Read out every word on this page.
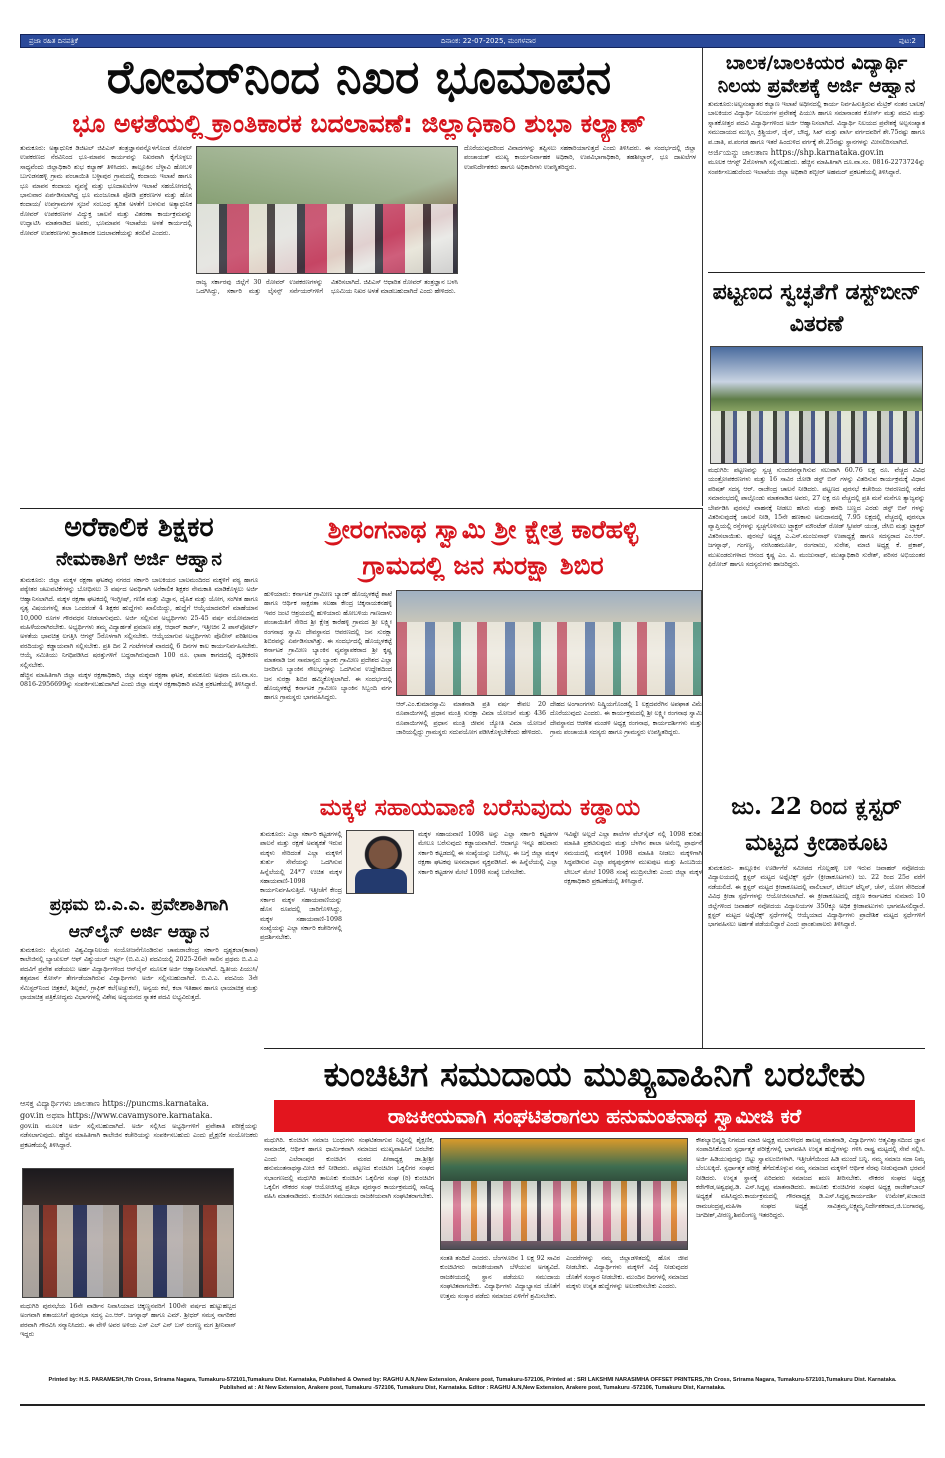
ಪ್ರಜಾ ರಹಿತ ದಿನಪತ್ರಿಕೆ	ದಿನಾಂಕ: 22-07-2025, ಮಂಗಳವಾರ	ಪುಟ:2
ರೋವರ್‌ನಿಂದ ನಿಖರ ಭೂಮಾಪನ
ಭೂ ಅಳತೆಯಲ್ಲಿ ಕ್ರಾಂತಿಕಾರಕ ಬದಲಾವಣೆ: ಜಿಲ್ಲಾಧಿಕಾರಿ ಶುಭಾ ಕಲ್ಯಾಣ್

ತುಮಕೂರು: ಅತ್ಯಾಧುನಿಕ ಡಿಜಿಟಲ್ ಜಿಪಿಎಸ್ ತಂತ್ರಜ್ಞಾನವನ್ನೊಳಗೊಂಡ ರೋವರ್ ಉಪಕರಣದ ನೆರವಿನಿಂದ ಭೂ-ಮಾಪನ ಕಾರ್ಯವನ್ನು ನಿಖರವಾಗಿ ಕೈಗೊಳ್ಳಲು ಸಾಧ್ಯವೆಂದು ಜಿಲ್ಲಾಧಿಕಾರಿ ಶುಭ ಕಲ್ಯಾಣ್ ತಿಳಿಸಿದರು. ತಾಲ್ಲೂಕಿನ ಬೆಳ್ಳಾವಿ ಹೋಬಳಿ ಬುಗುಡನಹಳ್ಳಿ ಗ್ರಾಮ ಪಂಚಾಯಿತಿ ಬಳ್ಳಾಪುರ ಗ್ರಾಮದಲ್ಲಿ ಕಂದಾಯ ಇಲಾಖೆ ಹಾಗೂ ಭೂ ಮಾಪನ ಕಂದಾಯ ವ್ಯವಸ್ಥೆ ಮತ್ತು ಭೂದಾಖಲೆಗಳ ಇಲಾಖೆ ಸಹಯೋಗದಲ್ಲಿ ಭಾನುವಾರ ಏರ್ಪಡಿಸಲಾಗಿದ್ದ ಭೂ ಮಂಜೂರಾತಿ ಪೋಡಿ ಪ್ರಕರಣಗಳ ಮತ್ತು ಹೊಸ ಕಂದಾಯ/ ಉಪಗ್ರಾಮಗಳ ಸೃಜನೆ ಸಂಬಂಧ ತ್ವರಿತ ಅಳತೆಗೆ ಬಳಸುವ ಅತ್ಯಾಧುನಿಕ ರೋವರ್ ಉಪಕರಣಗಳ ವಿದ್ಯುಕ್ತ ಚಾಲನೆ ಮತ್ತು ವಿತರಣಾ ಕಾರ್ಯಕ್ರಮವನ್ನು ಉದ್ಘಾಟಿಸಿ ಮಾತನಾಡಿದ ಅವರು, ಭೂಮಾಪನ ಇಲಾಖೆಯ ಅಳತೆ ಕಾರ್ಯದಲ್ಲಿ ರೋವರ್ ಉಪಕರಣಗಳು ಕ್ರಾಂತಿಕಾರಕ ಬದಲಾವಣೆಯನ್ನು ತರಲಿವೆ ಎಂದರು.

ರಾಜ್ಯ ಸರ್ಕಾರವು ಜಿಲ್ಲೆಗೆ 30 ರೋವರ್ ಉಪಕರಣಗಳನ್ನು ಒದಗಿಸಿದ್ದು, ಸರ್ಕಾರಿ ಮತ್ತು ಲೈಸನ್ಸ್ ಸರ್ವೆಯರ್‌ಗಳಿಗೆ ವಿತರಿಸಲಾಗಿದೆ. ಜಿಪಿಎಸ್ ಆಧಾರಿತ ರೋವರ್ ತಂತ್ರಜ್ಞಾನ ಬಳಸಿ ಭೂಮಿಯ ನಿಖರ ಅಳತೆ ಮಾಡಬಹುದಾಗಿದೆ ಎಂದು ಹೇಳಿದರು.

ದೊರೆಯುವುದರಿಂದ ವಿವಾದಗಳನ್ನು ತಪ್ಪಿಸಲು ಸಹಕಾರಿಯಾಗುತ್ತದೆ ಎಂದು ತಿಳಿಸಿದರು. ಈ ಸಂದರ್ಭದಲ್ಲಿ ಜಿಲ್ಲಾ ಪಂಚಾಯತ್ ಮುಖ್ಯ ಕಾರ್ಯನಿರ್ವಾಹಕ ಅಧಿಕಾರಿ, ಉಪವಿಭಾಗಾಧಿಕಾರಿ, ತಹಶೀಲ್ದಾರ್, ಭೂ ದಾಖಲೆಗಳ ಉಪನಿರ್ದೇಶಕರು ಹಾಗೂ ಅಧಿಕಾರಿಗಳು ಉಪಸ್ಥಿತರಿದ್ದರು.

ಬಾಲಕ/ಬಾಲಕಿಯರ ವಿದ್ಯಾರ್ಥಿ ನಿಲಯ ಪ್ರವೇಶಕ್ಕೆ ಅರ್ಜಿ ಆಹ್ವಾನ

ತುಮಕೂರು:ಅಲ್ಪಸಂಖ್ಯಾತರ ಕಲ್ಯಾಣ ಇಲಾಖೆ ಅಧೀನದಲ್ಲಿ ಕಾರ್ಯ ನಿರ್ವಹಿಸುತ್ತಿರುವ ಮೆಟ್ರಿಕ್ ನಂತರ ಬಾಲಕ/ಬಾಲಕಿಯರ ವಿದ್ಯಾರ್ಥಿ ನಿಲಯಗಳ ಪ್ರವೇಶಕ್ಕೆ ಪಿಯುಸಿ ಹಾಗೂ ಸಮಾನಾಂತರ ಕೋರ್ಸ್ ಮತ್ತು ಪದವಿ ಮತ್ತು ಸ್ನಾತಕೋತ್ತರ ಪದವಿ ವಿದ್ಯಾರ್ಥಿಗಳಿಂದ ಅರ್ಜಿ ಆಹ್ವಾನಿಸಲಾಗಿದೆ. ವಿದ್ಯಾರ್ಥಿ ನಿಲಯದ ಪ್ರವೇಶಕ್ಕೆ ಅಲ್ಪಸಂಖ್ಯಾತ ಸಮುದಾಯದ ಮುಸ್ಲಿಂ, ಕ್ರಿಶ್ಚಿಯನ್, ಜೈನ್, ಬೌದ್ಧ, ಸಿಖ್ ಮತ್ತು ಪಾರ್ಸಿ ವರ್ಗದವರಿಗೆ ಶೇ.75ರಷ್ಟು ಹಾಗೂ ಪ.ಜಾತಿ, ಪ.ಪಂಗಡ ಹಾಗೂ ಇತರೆ ಹಿಂದುಳಿದ ವರ್ಗಕ್ಕೆ ಶೇ.25ರಷ್ಟು ಸ್ಥಾನಗಳನ್ನು ಮೀಸಲಿರಿಸಲಾಗಿದೆ.

ಅರ್ಜಿಯನ್ನು ಜಾಲತಾಣ https://shp.karnataka.gov.in

ಮೂಲಕ ಆಗಸ್ಟ್ 2ರೊಳಗಾಗಿ ಸಲ್ಲಿಸಬಹುದು. ಹೆಚ್ಚಿನ ಮಾಹಿತಿಗಾಗಿ ದೂ.ವಾ.ಸಂ. 0816-2273724ನ್ನು ಸಂಪರ್ಕಿಸಬಹುದೆಂದು ಇಲಾಖೆಯ ಜಿಲ್ಲಾ ಅಧಿಕಾರಿ ಶಬ್ಬೀರ್ ಅಹಮದ್ ಪ್ರಕಟಣೆಯಲ್ಲಿ ತಿಳಿಸಿದ್ದಾರೆ.

ಪಟ್ಟಣದ ಸ್ವಚ್ಛತೆಗೆ ಡಸ್ಟ್‌ಬೀನ್ ವಿತರಣೆ

ಮಧುಗಿರಿ: ಪಟ್ಟಣವನ್ನು ಸ್ವಚ್ಛ ಸುಂದರವನ್ನಾಗಿಸುವ ಸಲುವಾಗಿ 60.76 ಲಕ್ಷ ರೂ. ವೆಚ್ಚದ ವಿವಿಧ ಯಂತ್ರೋಪಕರಣಗಳು ಮತ್ತು 16 ಸಾವಿರ ಜೋಡಿ ಡಸ್ಟ್ ಬಿನ್ ಗಳನ್ನು ವಿತರಿಸುವ ಕಾರ್ಯಕ್ರಮಕ್ಕೆ ವಿಧಾನ ಪರಿಷತ್ ಸದಸ್ಯ ಆರ್. ರಾಜೇಂದ್ರ ಚಾಲನೆ ನೀಡಿದರು. ಪಟ್ಟಣದ ಪುರಸಭೆ ಕಚೇರಿಯ ಆವರಣದಲ್ಲಿ ನಡೆದ ಸಮಾರಂಭದಲ್ಲಿ ಪಾಲ್ಗೊಂಡು ಮಾತನಾಡಿದ ಅವರು, 27 ಲಕ್ಷ ರೂ ವೆಚ್ಚದಲ್ಲಿ ಪ್ರತಿ ಮನೆ ಮನೆಗೂ ತ್ಯಾಜ್ಯವನ್ನು ಬೇರ್ಪಡಿಸಿ ಪುರಸಭೆ ವಾಹನಕ್ಕೆ ನೀಡಲು ಹಸಿರು ಮತ್ತು ಹಳದಿ ಬಣ್ಣದ ಎರಡು ಡಸ್ಟ್ ಬಿನ್ ಗಳನ್ನು ವಿತರಿಸುವುದಕ್ಕೆ ಚಾಲನೆ ನೀಡಿ, 15ನೇ ಹಣಕಾಸು ಅನುದಾನದಲ್ಲಿ 7.95 ಲಕ್ಷದಲ್ಲಿ ವೆಚ್ಚದಲ್ಲಿ ಪುರಸಭಾ ವ್ಯಾಪ್ತಿಯಲ್ಲಿ ರಸ್ತೆಗಳನ್ನು ಸ್ವಚ್ಛಗೊಳಿಸಲು ಟ್ರ್ಯಾಕ್ಟರ್ ಮೌಂಟೆಡ್ ರೋಡ್ ಸ್ವೀಪರ್ ಯಂತ್ರ, ಜೆಸಿಬಿ ಮತ್ತು ಟ್ರ್ಯಾಕ್ಟರ್ ವಿತರಿಸಲಾಯಿತು. ಪುರಸಭೆ ಅಧ್ಯಕ್ಷ ಎ.ಎಸ್.ಮಂಜುನಾಥ್ ಉಪಾಧ್ಯಕ್ಷೆ ಹಾಗೂ ಸದಸ್ಯರಾದ ಎಂ.ಆರ್. ಜಗನ್ನಾಥ್, ಗಂಗಣ್ಣ, ನರಸಿಂಹಮೂರ್ತಿ, ರಂಗರಾಜು, ಸುರೇಶ, ಮಾಜಿ ಅಧ್ಯಕ್ಷ ಕೆ. ಪ್ರಕಾಶ್, ಮುಖಂಡರುಗಳಾದ ಆನಂದ ಕೃಷ್ಣ ಎಂ. ವಿ. ಮಂಜುನಾಥ್, ಮುಖ್ಯಾಧಿಕಾರಿ ಸುರೇಶ್, ಪರಿಸರ ಅಭಿಯಂತರ ಫಿರೋಜ್ ಹಾಗೂ ಸದಸ್ಯರುಗಳು ಹಾಜರಿದ್ದರು.

ಅರೆಕಾಲಿಕ ಶಿಕ್ಷಕರ
ನೇಮಕಾತಿಗೆ ಅರ್ಜಿ ಆಹ್ವಾನ

ತುಮಕೂರು: ಜಿಲ್ಲಾ ಮಕ್ಕಳ ರಕ್ಷಣಾ ಘಟಕವು ನಗರದ ಸರ್ಕಾರಿ ಬಾಲಕಿಯರ ಬಾಲಮಂದಿರದ ಮಕ್ಕಳಿಗೆ ಪಠ್ಯ ಹಾಗೂ ಪಠ್ಯೇತರ ಚಟುವಟಿಕೆಗಳನ್ನು ಬೋಧಿಸಲು 3 ವರ್ಷದ ಅವಧಿಗಾಗಿ ಅರೆಕಾಲಿಕ ಶಿಕ್ಷಕರ ನೇಮಕಾತಿ ಮಾಡಿಕೊಳ್ಳಲು ಅರ್ಜಿ ಆಹ್ವಾನಿಸಲಾಗಿದೆ. ಮಕ್ಕಳ ರಕ್ಷಣಾ ಘಟಕದಲ್ಲಿ ಇಂಗ್ಲೀಷ್, ಗಣಿತ ಮತ್ತು ವಿಜ್ಞಾನ, ದೈಹಿಕ ಮತ್ತು ಯೋಗ, ಸಂಗೀತ ಹಾಗೂ ನೃತ್ಯ ವಿಷಯಗಳಲ್ಲಿ ತಲಾ ಒಂದರಂತೆ 4 ಶಿಕ್ಷಕರ ಹುದ್ದೆಗಳು ಖಾಲಿಯಿದ್ದು, ಹುದ್ದೆಗೆ ಆಯ್ಕೆಯಾದವರಿಗೆ ಮಾಹೆಯಾನ 10,000 ರೂಗಳ ಗೌರವಧನ ನೀಡಲಾಗುವುದು. ಅರ್ಜಿ ಸಲ್ಲಿಸುವ ಅಭ್ಯರ್ಥಿಗಳು 25-45 ವರ್ಷ ವಯೋಮಾನದ ಮಹಿಳೆಯರಾಗಿರಬೇಕು. ಅಭ್ಯರ್ಥಿಗಳು ತಮ್ಮ ವಿದ್ಯಾರ್ಹತೆ ಪ್ರಮಾಣ ಪತ್ರ, ಆಧಾರ್ ಕಾರ್ಡ್, ಇತ್ತೀಚಿನ 2 ಪಾಸ್‌ಪೋರ್ಟ್ ಅಳತೆಯ ಭಾವಚಿತ್ರ ಲಗತ್ತಿಸಿ ಆಗಸ್ಟ್ 5ರೊಳಗಾಗಿ ಸಲ್ಲಿಸಬೇಕು. ಆಯ್ಕೆಯಾಗುವ ಅಭ್ಯರ್ಥಿಗಳು ಪೊಲೀಸ್ ಪರಿಶೀಲನಾ ವರದಿಯನ್ನು ಕಡ್ಡಾಯವಾಗಿ ಸಲ್ಲಿಸಬೇಕು. ಪ್ರತಿ ದಿನ 2 ಗಂಟೆಗಳಂತೆ ವಾರದಲ್ಲಿ 6 ದಿನಗಳ ಕಾಲ ಕಾರ್ಯನಿರ್ವಹಿಸಬೇಕು. ಆಯ್ಕೆ ಸಮಿತಿಯು ನಿಗಧಿಪಡಿಸಿದ ಷರತ್ತುಗಳಿಗೆ ಬದ್ಧರಾಗಿರುವುದಾಗಿ 100 ರೂ. ಛಾಪಾ ಕಾಗದದಲ್ಲಿ ದೃಢೀಕರಣ ಸಲ್ಲಿಸಬೇಕು.

ಹೆಚ್ಚಿನ ಮಾಹಿತಿಗಾಗಿ ಜಿಲ್ಲಾ ಮಕ್ಕಳ ರಕ್ಷಣಾಧಿಕಾರಿ, ಜಿಲ್ಲಾ ಮಕ್ಕಳ ರಕ್ಷಣಾ ಘಟಕ, ತುಮಕೂರು ಅಥವಾ ದೂ.ವಾ.ಸಂ. 0816-2956699ನ್ನು ಸಂಪರ್ಕಿಸಬಹುದಾಗಿದೆ ಎಂದು ಜಿಲ್ಲಾ ಮಕ್ಕಳ ರಕ್ಷಣಾಧಿಕಾರಿ ಪವಿತ್ರ ಪ್ರಕಟಣೆಯಲ್ಲಿ ತಿಳಿಸಿದ್ದಾರೆ.

ಶ್ರೀರಂಗನಾಥ ಸ್ವಾಮಿ ಶ್ರೀ ಕ್ಷೇತ್ರ ಕಾರೆಹಳ್ಳಿ
ಗ್ರಾಮದಲ್ಲಿ ಜನ ಸುರಕ್ಷಾ ಶಿಬಿರ

ಹುಳಿಯಾರು: ಕರ್ನಾಟಕ ಗ್ರಾಮೀಣ ಬ್ಯಾಂಕ್ ಹೊಯ್ಸಳಕಟ್ಟೆ ಶಾಖೆ ಹಾಗೂ ಆರ್ಥಿಕ ಸಾಕ್ಷರತಾ ಸಲಹಾ ಕೇಂದ್ರ ಚಿಕ್ಕನಾಯಕನಹಳ್ಳಿ ಇವರ ಜಂಟಿ ಆಶ್ರಯದಲ್ಲಿ ಹುಳಿಯಾರು ಹೋಬಳಿಯ ಗಾಣದಾಳು ಪಂಚಾಯಿತಿಗೆ ಸೇರಿದ ಶ್ರೀ ಕ್ಷೇತ್ರ ಕಾರೆಹಳ್ಳಿ ಗ್ರಾಮದ ಶ್ರೀ ಲಕ್ಷ್ಮೀ ರಂಗನಾಥ ಸ್ವಾಮಿ ದೇವಸ್ಥಾನದ ಆವರಣದಲ್ಲಿ ಜನ ಸುರಕ್ಷಾ ಶಿಬಿರವನ್ನು ಏರ್ಪಡಿಸಲಾಗಿತ್ತು. ಈ ಸಂದರ್ಭದಲ್ಲಿ ಹೊಯ್ಸಳಕಟ್ಟೆ ಕರ್ನಾಟಕ ಗ್ರಾಮೀಣ ಬ್ಯಾಂಕಿನ ವ್ಯವಸ್ಥಾಪಕರಾದ ಶ್ರೀ ಕೃಷ್ಣ ಮಾತನಾಡಿ ಜನ ಸಾಮಾನ್ಯರು ಬ್ಯಾಂಕು ಗ್ರಾಮೀಣ ಪ್ರದೇಶದ ಎಲ್ಲಾ ಜನರಿಗೂ ಬ್ಯಾಂಕಿನ ಸೌಲಭ್ಯಗಳನ್ನು ಒದಗಿಸುವ ಉದ್ದೇಶದಿಂದ ಜನ ಸುರಕ್ಷಾ ಶಿಬಿರ ಹಮ್ಮಿಕೊಳ್ಳಲಾಗಿದೆ. ಈ ಸಂದರ್ಭದಲ್ಲಿ ಹೊಯ್ಸಳಕಟ್ಟೆ ಕರ್ನಾಟಕ ಗ್ರಾಮೀಣ ಬ್ಯಾಂಕಿನ ಸಿಬ್ಬಂದಿ ವರ್ಗ ಹಾಗೂ ಗ್ರಾಮಸ್ಥರು ಭಾಗವಹಿಸಿದ್ದರು.

ಆರ್.ಎಂ.ಕುಮಾರಸ್ವಾಮಿ ಮಾತನಾಡಿ ಪ್ರತಿ ವರ್ಷ ಕೇವಲ 20 ರೂಪಾಯಿಗಳಲ್ಲಿ ಪ್ರಧಾನ ಮಂತ್ರಿ ಸುರಕ್ಷಾ ವಿಮಾ ಯೋಜನೆ ಮತ್ತು 436 ರೂಪಾಯಿಗಳಲ್ಲಿ ಪ್ರಧಾನ ಮಂತ್ರಿ ಜೀವನ ಜ್ಯೋತಿ ವಿಮಾ ಯೋಜನೆ ಜಾರಿಯಲ್ಲಿದ್ದು ಗ್ರಾಮಸ್ಥರು ಸದುಪಯೋಗ ಪಡಿಸಿಕೊಳ್ಳಬೇಕೆಂದು ಹೇಳಿದರು.

ದೇಹದ ಅಂಗಾಂಗಗಳು ನಿಷ್ಕ್ರಿಯಗೊಂಡಲ್ಲಿ 1 ಲಕ್ಷದವರೆಗಿನ ಅಪಘಾತ ವಿಮೆ ದೊರೆಯುವುದು ಎಂದರು. ಈ ಕಾರ್ಯಕ್ರಮದಲ್ಲಿ ಶ್ರೀ ಲಕ್ಷ್ಮೀ ರಂಗನಾಥ ಸ್ವಾಮಿ ದೇವಸ್ಥಾನದ ಆಡಳಿತ ಮಂಡಳಿ ಅಧ್ಯಕ್ಷ ರಂಗನಾಥ, ಕಾರ್ಯದರ್ಶಿಗಳು ಮತ್ತು ಗ್ರಾಮ ಪಂಚಾಯತಿ ಸದಸ್ಯರು ಹಾಗೂ ಗ್ರಾಮಸ್ಥರು ಉಪಸ್ಥಿತರಿದ್ದರು.

ಮಕ್ಕಳ ಸಹಾಯವಾಣಿ ಬರೆಸುವುದು ಕಡ್ಡಾಯ

ತುಮಕೂರು: ಎಲ್ಲಾ ಸರ್ಕಾರಿ ಕಟ್ಟಡಗಳಲ್ಲಿ ಪಾಲನೆ ಮತ್ತು ರಕ್ಷಣೆ ಅವಶ್ಯಕತೆ ಇರುವ ಮಕ್ಕಳು ಸೇರಿದಂತೆ ಎಲ್ಲಾ ಮಕ್ಕಳಿಗೆ ತುರ್ತು ಸೇವೆಯನ್ನು ಒದಗಿಸುವ ಹಿನ್ನೆಲೆಯಲ್ಲಿ 24*7 ಉಚಿತ ಮಕ್ಕಳ ಸಹಾಯವಾಣಿ-1098 ಕಾರ್ಯನಿರ್ವಹಿಸುತ್ತಿದೆ. ಇತ್ತೀಚೆಗೆ ಕೇಂದ್ರ ಸರ್ಕಾರ ಮಕ್ಕಳ ಸಹಾಯವಾಣಿಯನ್ನು ಹೊಸ ರೂಪದಲ್ಲಿ ಜಾರಿಗೊಳಿಸಿದ್ದು, ಮಕ್ಕಳ ಸಹಾಯವಾಣಿ-1098 ಸಂಖ್ಯೆಯನ್ನು ಎಲ್ಲಾ ಸರ್ಕಾರಿ ಕಚೇರಿಗಳಲ್ಲಿ ಪ್ರದರ್ಶಿಸಬೇಕು.

ಮಕ್ಕಳ ಸಹಾಯವಾಣಿ 1098 ಅನ್ನು ಎಲ್ಲಾ ಸರ್ಕಾರಿ ಕಟ್ಟಡಗಳ ಮೇಲೂ ಬರೆಸುವುದು ಕಡ್ಡಾಯವಾಗಿದೆ. ಆದಾಗ್ಯೂ ಇನ್ನೂ ಹಲವಾರು ಸರ್ಕಾರಿ ಕಟ್ಟಡದಲ್ಲಿ ಈ ಸಂಖ್ಯೆಯನ್ನು ಬರೆಸಿಲ್ಲ. ಈ ಬಗ್ಗೆ ಜಿಲ್ಲಾ ಮಕ್ಕಳ ರಕ್ಷಣಾ ಘಟಕವು ಅಸಮಾಧಾನ ವ್ಯಕ್ತಪಡಿಸಿದೆ. ಈ ಹಿನ್ನೆಲೆಯಲ್ಲಿ ಎಲ್ಲಾ ಸರ್ಕಾರಿ ಕಟ್ಟಡಗಳ ಮೇಲೆ 1098 ಸಂಖ್ಯೆ ಬರೆಸಬೇಕು.

ಇವಿಷ್ಟೇ ಅಲ್ಲದೆ ಎಲ್ಲಾ ಶಾಲೆಗಳ ವೆಬ್‌ಸೈಟ್ ನಲ್ಲಿ 1098 ಕುರಿತು ಮಾಹಿತಿ ಪ್ರಕಟಿಸುವುದು ಮತ್ತು ಬೆಳಗಿನ ಶಾಲಾ ಅಸೆಂಬ್ಲಿ ಪ್ರಾರ್ಥನೆ ಸಮಯದಲ್ಲಿ ಮಕ್ಕಳಿಗೆ 1098 ಮಾಹಿತಿ ನೀಡಲು ಮಕ್ಕಳಿಗಾಗಿ ಸಿದ್ಧಪಡಿಸುವ ಎಲ್ಲಾ ಪಠ್ಯಪುಸ್ತಕಗಳ ಮುಖಪುಟ ಮತ್ತು ಹಿಂಬದಿಯ ಲೇಬಲ್ ಮೇಲೆ 1098 ಸಂಖ್ಯೆ ಮುದ್ರಿಸಬೇಕು ಎಂದು ಜಿಲ್ಲಾ ಮಕ್ಕಳ ರಕ್ಷಣಾಧಿಕಾರಿ ಪ್ರಕಟಣೆಯಲ್ಲಿ ತಿಳಿಸಿದ್ದಾರೆ.

ಜು. 22 ರಿಂದ ಕ್ಲಸ್ಟರ್
ಮಟ್ಟದ ಕ್ರೀಡಾಕೂಟ

ತುಮಕೂರು- ತಾಲ್ಲೂಕಿನ ಊರ್ಡಿಗೆರೆ ಸಮೀಪದ ಗೊಲ್ಲಹಳ್ಳಿ ಬಳಿ ಇರುವ ಜವಾಹರ್ ನವೋದಯ ವಿದ್ಯಾಲಯದಲ್ಲಿ ಕ್ಲಸ್ಟರ್ ಮಟ್ಟದ ಅಥ್ಲೆಟಿಕ್ಸ್ ಸ್ಪರ್ಧೆ (ಕ್ರೀಡಾಕೂಟಗಳು) ಜು. 22 ರಿಂದ 25ರ ವರೆಗೆ ನಡೆಯಲಿದೆ. ಈ ಕ್ಲಸ್ಟರ್ ಮಟ್ಟದ ಕ್ರೀಡಾಕೂಟದಲ್ಲಿ ವಾಲಿಬಾಲ್, ಟೇಬಲ್ ಟೆನ್ನಿಸ್, ಚೆಸ್, ಯೋಗ ಸೇರಿದಂತೆ ವಿವಿಧ ಕ್ರೀಡಾ ಸ್ಪರ್ಧೆಗಳನ್ನು ಆಯೋಜಿಸಲಾಗಿದೆ. ಈ ಕ್ರೀಡಾಕೂಟದಲ್ಲಿ ದಕ್ಷಿಣ ಕರ್ನಾಟಕದ ಸುಮಾರು 10 ಜಿಲ್ಲೆಗಳಿಂದ ಜವಾಹರ್ ನವೋದಯ ವಿದ್ಯಾಲಯಗಳ 350ಕ್ಕೂ ಅಧಿಕ ಕ್ರೀಡಾಪಟುಗಳು ಭಾಗವಹಿಸಲಿದ್ದಾರೆ. ಕ್ಲಸ್ಟರ್ ಮಟ್ಟದ ಅಥ್ಲೆಟಿಕ್ಸ್ ಸ್ಪರ್ಧೆಗಳಲ್ಲಿ ಆಯ್ಕೆಯಾದ ವಿದ್ಯಾರ್ಥಿಗಳು ಪ್ರಾದೇಶಿಕ ಮಟ್ಟದ ಸ್ಪರ್ಧೆಗಳಿಗೆ ಭಾಗವಹಿಸಲು ಅರ್ಹತೆ ಪಡೆಯಲಿದ್ದಾರೆ ಎಂದು ಪ್ರಾಂಶುಪಾಲರು ತಿಳಿಸಿದ್ದಾರೆ.

ಪ್ರಥಮ ಬಿ.ಎ.ಎ. ಪ್ರವೇಶಾತಿಗಾಗಿ
ಆನ್‌ಲೈನ್ ಅರ್ಜಿ ಆಹ್ವಾನ

ತುಮಕೂರು: ಮೈಸೂರು ವಿಶ್ವವಿದ್ಯಾನಿಲಯ ಸಂಯೋಜನೆಗೊಂಡಿರುವ ಚಾಮರಾಜೇಂದ್ರ ಸರ್ಕಾರಿ ದೃಶ್ಯಕಲಾ(ಕಾವಾ) ಕಾಲೇಜಿನಲ್ಲಿ ಬ್ಯಾಚುಲರ್ ಆಫ್ ವಿಶ್ಯುಯಲ್ ಆರ್ಟ್ಸ್ (ಬಿ.ವಿ.ಎ) ಪದವಿಯಲ್ಲಿ 2025-26ನೇ ಸಾಲಿನ ಪ್ರಥಮ ಬಿ.ವಿ.ಎ ಪದವಿಗೆ ಪ್ರವೇಶ ಪಡೆಯಲು ಅರ್ಹ ವಿದ್ಯಾರ್ಥಿಗಳಿಂದ ಆನ್‌ಲೈನ್ ಮೂಲಕ ಅರ್ಜಿ ಆಹ್ವಾನಿಸಲಾಗಿದೆ. ದ್ವಿತೀಯ ಪಿಯುಸಿ/ ತತ್ಸಮಾನ ಕೋರ್ಸ್ ತೇರ್ಗಡೆಯಾಗಿರುವ ವಿದ್ಯಾರ್ಥಿಗಳು ಅರ್ಜಿ ಸಲ್ಲಿಸಬಹುದಾಗಿದೆ. ಬಿ.ವಿ.ಎ. ಪದವಿಯ 3ನೇ ಸೆಮಿಸ್ಟರ್‌ನಿಂದ ಚಿತ್ರಕಲೆ, ಶಿಲ್ಪಕಲೆ, ಗ್ರಾಫಿಕ್ ಕಲೆ(ಅಚ್ಚುಕಲೆ), ಅನ್ವಯ ಕಲೆ, ಕಲಾ ಇತಿಹಾಸ ಹಾಗೂ ಛಾಯಾಚಿತ್ರ ಮತ್ತು ಛಾಯಾಚಿತ್ರ ಪತ್ರಿಕೋದ್ಯಮ ವಿಭಾಗಗಳಲ್ಲಿ ವಿಶೇಷ ಅಧ್ಯಯನದ ಸ್ನಾತಕ ಪದವಿ ಲಭ್ಯವಿರುತ್ತದೆ.

ಆಸಕ್ತ ವಿದ್ಯಾರ್ಥಿಗಳು ಜಾಲತಾಣ https://puncms.karnataka.

gov.in ಅಥವಾ https://www.cavamysore.karnataka.

gov.in ಮೂಲಕ ಅರ್ಜಿ ಸಲ್ಲಿಸಬಹುದಾಗಿದೆ. ಅರ್ಜಿ ಸಲ್ಲಿಸಿದ ಅಭ್ಯರ್ಥಿಗಳಿಗೆ ಪ್ರವೇಶಾತಿ ಪರೀಕ್ಷೆಯನ್ನು ನಡೆಸಲಾಗುವುದು. ಹೆಚ್ಚಿನ ಮಾಹಿತಿಗಾಗಿ ಕಾಲೇಜಿನ ಕಚೇರಿಯನ್ನು ಸಂಪರ್ಕಿಸಬಹುದು ಎಂದು ಪ್ರೈಕ್ಷಣಿಕ ಸಂಯೋಜಕರು ಪ್ರಕಟಣೆಯಲ್ಲಿ ತಿಳಿಸಿದ್ದಾರೆ.

ಮಧುಗಿರಿ ಪುರಸಭೆಯ 16ನೇ ವಾರ್ಡಿನ ನಿವಾಸಿಯಾದ ಚಿಕ್ಕಣ್ಣನವರಿಗೆ 100ನೇ ವರ್ಷದ ಹುಟ್ಟುಹಬ್ಬದ ಅಂಗವಾಗಿ ಶತಾಯುಸಿಗೆ ಪುರಸಭಾ ಸದಸ್ಯ ಎಂ.ಆರ್. ಜಗನ್ನಾಥ್ ಹಾಗೂ ಎಮ್. ಶ್ರೀಧರ್ ಸಮಸ್ತ ನಾಗರಿಕರ ಪರವಾಗಿ ಗೌರವಿಸಿ ಸನ್ಮಾನಿಸಿದರು. ಈ ವೇಳೆ ಅವರ ಅಳಿಯ ಎಸ್ ಎಲ್ ಎನ್ ಬಸ್ ರಂಗಣ್ಣ ಮಗ ಶ್ರೀನಿವಾಸ್ ಇದ್ದರು

ಕುಂಚಿಟಿಗ ಸಮುದಾಯ ಮುಖ್ಯವಾಹಿನಿಗೆ ಬರಬೇಕು
ರಾಜಕೀಯವಾಗಿ ಸಂಘಟಿತರಾಗಲು ಹನುಮಂತನಾಥ ಸ್ವಾಮೀಜಿ ಕರೆ

ಮಧುಗಿರಿ. ಕುಂಚಿಟಿಗ ಸಮಾಜ ಬಂಧುಗಳು ಸಂಘಟಿತರಾಗುವ ನಿಟ್ಟಿನಲ್ಲಿ ಶೈಕ್ಷಣಿಕ, ಸಾಮಾಜಿಕ, ಆರ್ಥಿಕ ಹಾಗೂ ಧಾರ್ಮಿಕವಾಗಿ ಸಮಾಜದ ಮುಖ್ಯವಾಹಿನಿಗೆ ಬರಬೇಕು ಎಂದು ಎಲೆರಾಂಪುರ ಕುಂಚಿಟಿಗ ಮಠದ ಪೀಠಾಧ್ಯಕ್ಷ ಡಾ.ಶ್ರೀಶ್ರೀ ಹನುಮಂತನಾಥಸ್ವಾಮೀಜಿ ಕರೆ ನೀಡಿದರು. ಪಟ್ಟಣದ ಕುಂಚಿಟಿಗ ಒಕ್ಕಲಿಗರ ಸಂಘದ ಸಭಾಂಗಣದಲ್ಲಿ ಮಧುಗಿರಿ ತಾಲೂಕು ಕುಂಚಿಟಿಗ ಒಕ್ಕಲಿಗರ ಸಂಘ (ರಿ) ಕುಂಚಿಟಿಗ ಒಕ್ಕಲಿಗ ನೌಕರರ ಸಂಘ ಆಯೋಜಿಸಿದ್ದ ಪ್ರತಿಭಾ ಪುರಸ್ಕಾರ ಕಾರ್ಯಕ್ರಮದಲ್ಲಿ ಸಾನಿಧ್ಯ ವಹಿಸಿ ಮಾತನಾಡಿದರು. ಕುಂಚಿಟಿಗ ಸಮುದಾಯ ರಾಜಕೀಯವಾಗಿ ಸಂಘಟಿತರಾಗಬೇಕು.

ಸಂತತಿ ತಂದಿದೆ ಎಂದರು. ಬೆಂಗಳೂರಿನ 1 ಲಕ್ಷ 92 ಸಾವಿರ ಕುಂಚಿಟಿಗರು ರಾಜಕೀಯವಾಗಿ ಬೆಳೆಯುವ ಅಗತ್ಯವಿದೆ. ರಾಜಕೀಯದಲ್ಲಿ ಸ್ಥಾನ ಪಡೆಯಲು ಸಮುದಾಯ ಸಂಘಟಿತವಾಗಬೇಕು. ವಿದ್ಯಾರ್ಥಿಗಳು ವಿದ್ಯಾಭ್ಯಾಸದ ಜೊತೆಗೆ ಉತ್ತಮ ಸಂಸ್ಕಾರ ಪಡೆದು ಸಮಾಜದ ಏಳಿಗೆಗೆ ಶ್ರಮಿಸಬೇಕು.

ಎಂದರೆಗಳನ್ನು ನಮ್ಮ ಜಿಲ್ಲಾಡಳಿತದಲ್ಲಿ ಹೊಸ ಜೀವ ನೀಡಬೇಕು. ವಿದ್ಯಾರ್ಥಿಗಳು ಮಕ್ಕಳಿಗೆ ವಿದ್ಯೆ ನೀಡುವುದರ ಜೊತೆಗೆ ಸಂಸ್ಕಾರ ನೀಡಬೇಕು. ಮುಂದಿನ ದಿನಗಳಲ್ಲಿ ಸಮಾಜದ ಮಕ್ಕಳು ಉನ್ನತ ಹುದ್ದೆಗಳನ್ನು ಅಲಂಕರಿಸಬೇಕು ಎಂದರು.

ಕೌಶಲ್ಯಾಭಿವೃದ್ಧಿ ನಿಗಮದ ಮಾಜಿ ಅಧ್ಯಕ್ಷ ಮುರುಳೀಧರ ಹಾಲಪ್ಪ ಮಾತನಾಡಿ, ವಿದ್ಯಾರ್ಥಿಗಳು ಆತ್ಮವಿಶ್ವಾಸದಿಂದ ಜ್ಞಾನ ಸಂಪಾದಿಸಿಕೊಂಡು ಸ್ಪರ್ಧಾತ್ಮಕ ಪರೀಕ್ಷೆಗಳಲ್ಲಿ ಭಾಗವಹಿಸಿ ಉನ್ನತ ಹುದ್ದೆಗಳನ್ನು ಗಳಿಸಿ ರಾಷ್ಟ್ರ ಮಟ್ಟದಲ್ಲಿ ಸೇವೆ ಸಲ್ಲಿಸಿ. ಅರ್ಜಿ ಹಿಡಿಯುವುದನ್ನು ಬಿಟ್ಟು ಸ್ವಾವಲಂಬಿಗಳಾಗಿ. ಇತ್ತೀಚೆಗೆಯಿಂದ ಹಿಡಿ ಮುಂದೆ ಬನ್ನಿ. ನಮ್ಮ ಸಮಾಜ ಸದಾ ನಿಮ್ಮ ಬೆಂಬಲಕ್ಕಿದೆ. ಸ್ಪರ್ಧಾತ್ಮಕ ಪರೀಕ್ಷೆ ತೆಗೆದುಕೊಳ್ಳುವ ನಮ್ಮ ಸಮಾಜದ ಮಕ್ಕಳಿಗೆ ಆರ್ಥಿಕ ನೆರವು ನೀಡುವುದಾಗಿ ಭರವಸೆ ನೀಡಿದರು. ಉನ್ನತ ಸ್ಥಾನಕ್ಕೆ ಏರಿದವರು ಸಮಾಜದ ಋಣ ತೀರಿಸಬೇಕು. ನೌಕರರ ಸಂಘದ ಅಧ್ಯಕ್ಷ ಕರೇಗೌಡ,ಅಶ್ವಥಪ್ಪ.ಡಿ. ಎಸ್.ಸಿದ್ದಪ್ಪ ಮಾತನಾಡಿದರು. ತಾಲೂಕು ಕುಂಚಿಟಿಗರ ಸಂಘದ ಅಧ್ಯಕ್ಷ ರಾಜೇಶ್‌ಬಾಬ್ ಅಧ್ಯಕ್ಷತೆ ವಹಿಸಿದ್ದರು.ಕಾರ್ಯಕ್ರಮದಲ್ಲಿ ಗೌರವಾಧ್ಯಕ್ಷ ಡಿ.ಎಸ್.ಸಿದ್ದಪ್ಪ,ಕಾರ್ಯದರ್ಶಿ ಉಮೇಶ್,ಖಜಾಂಚಿ ರಾಮಚಂದ್ರಪ್ಪ,ಮಹಿಳಾ ಸಂಘದ ಅಧ್ಯಕ್ಷೆ ಸಾವಿತ್ರಮ್ಮ,ಲಕ್ಷ್ಮಮ್ಮ,ನಿರ್ದೇಶಕರಾದ,ಜಿ.ಬಂಗಾರಪ್ಪ, ಜಗದೀಶ್,ವೀರಣ್ಣ,ಶಿವಲಿಂಗಣ್ಣ ಇತರರಿದ್ದರು.

Printed by: H.S. PARAMESH,7th Cross, Srirama Nagara, Tumakuru-572101,Tumakuru Dist. Karnataka, Published & Owned by: RAGHU A.N,New Extension, Arakere post, Tumakuru-572106, Printed at : SRI LAKSHMI NARASIMHA OFFSET PRINTERS,7th Cross, Srirama Nagara, Tumakuru-572101,Tumakuru Dist. Karnataka. Published at : At New Extension, Arakere post, Tumakuru -572106, Tumakuru Dist, Karnataka. Editor : RAGHU A.N,New Extension, Arakere post, Tumakuru -572106, Tumakuru Dist, Karnataka.
